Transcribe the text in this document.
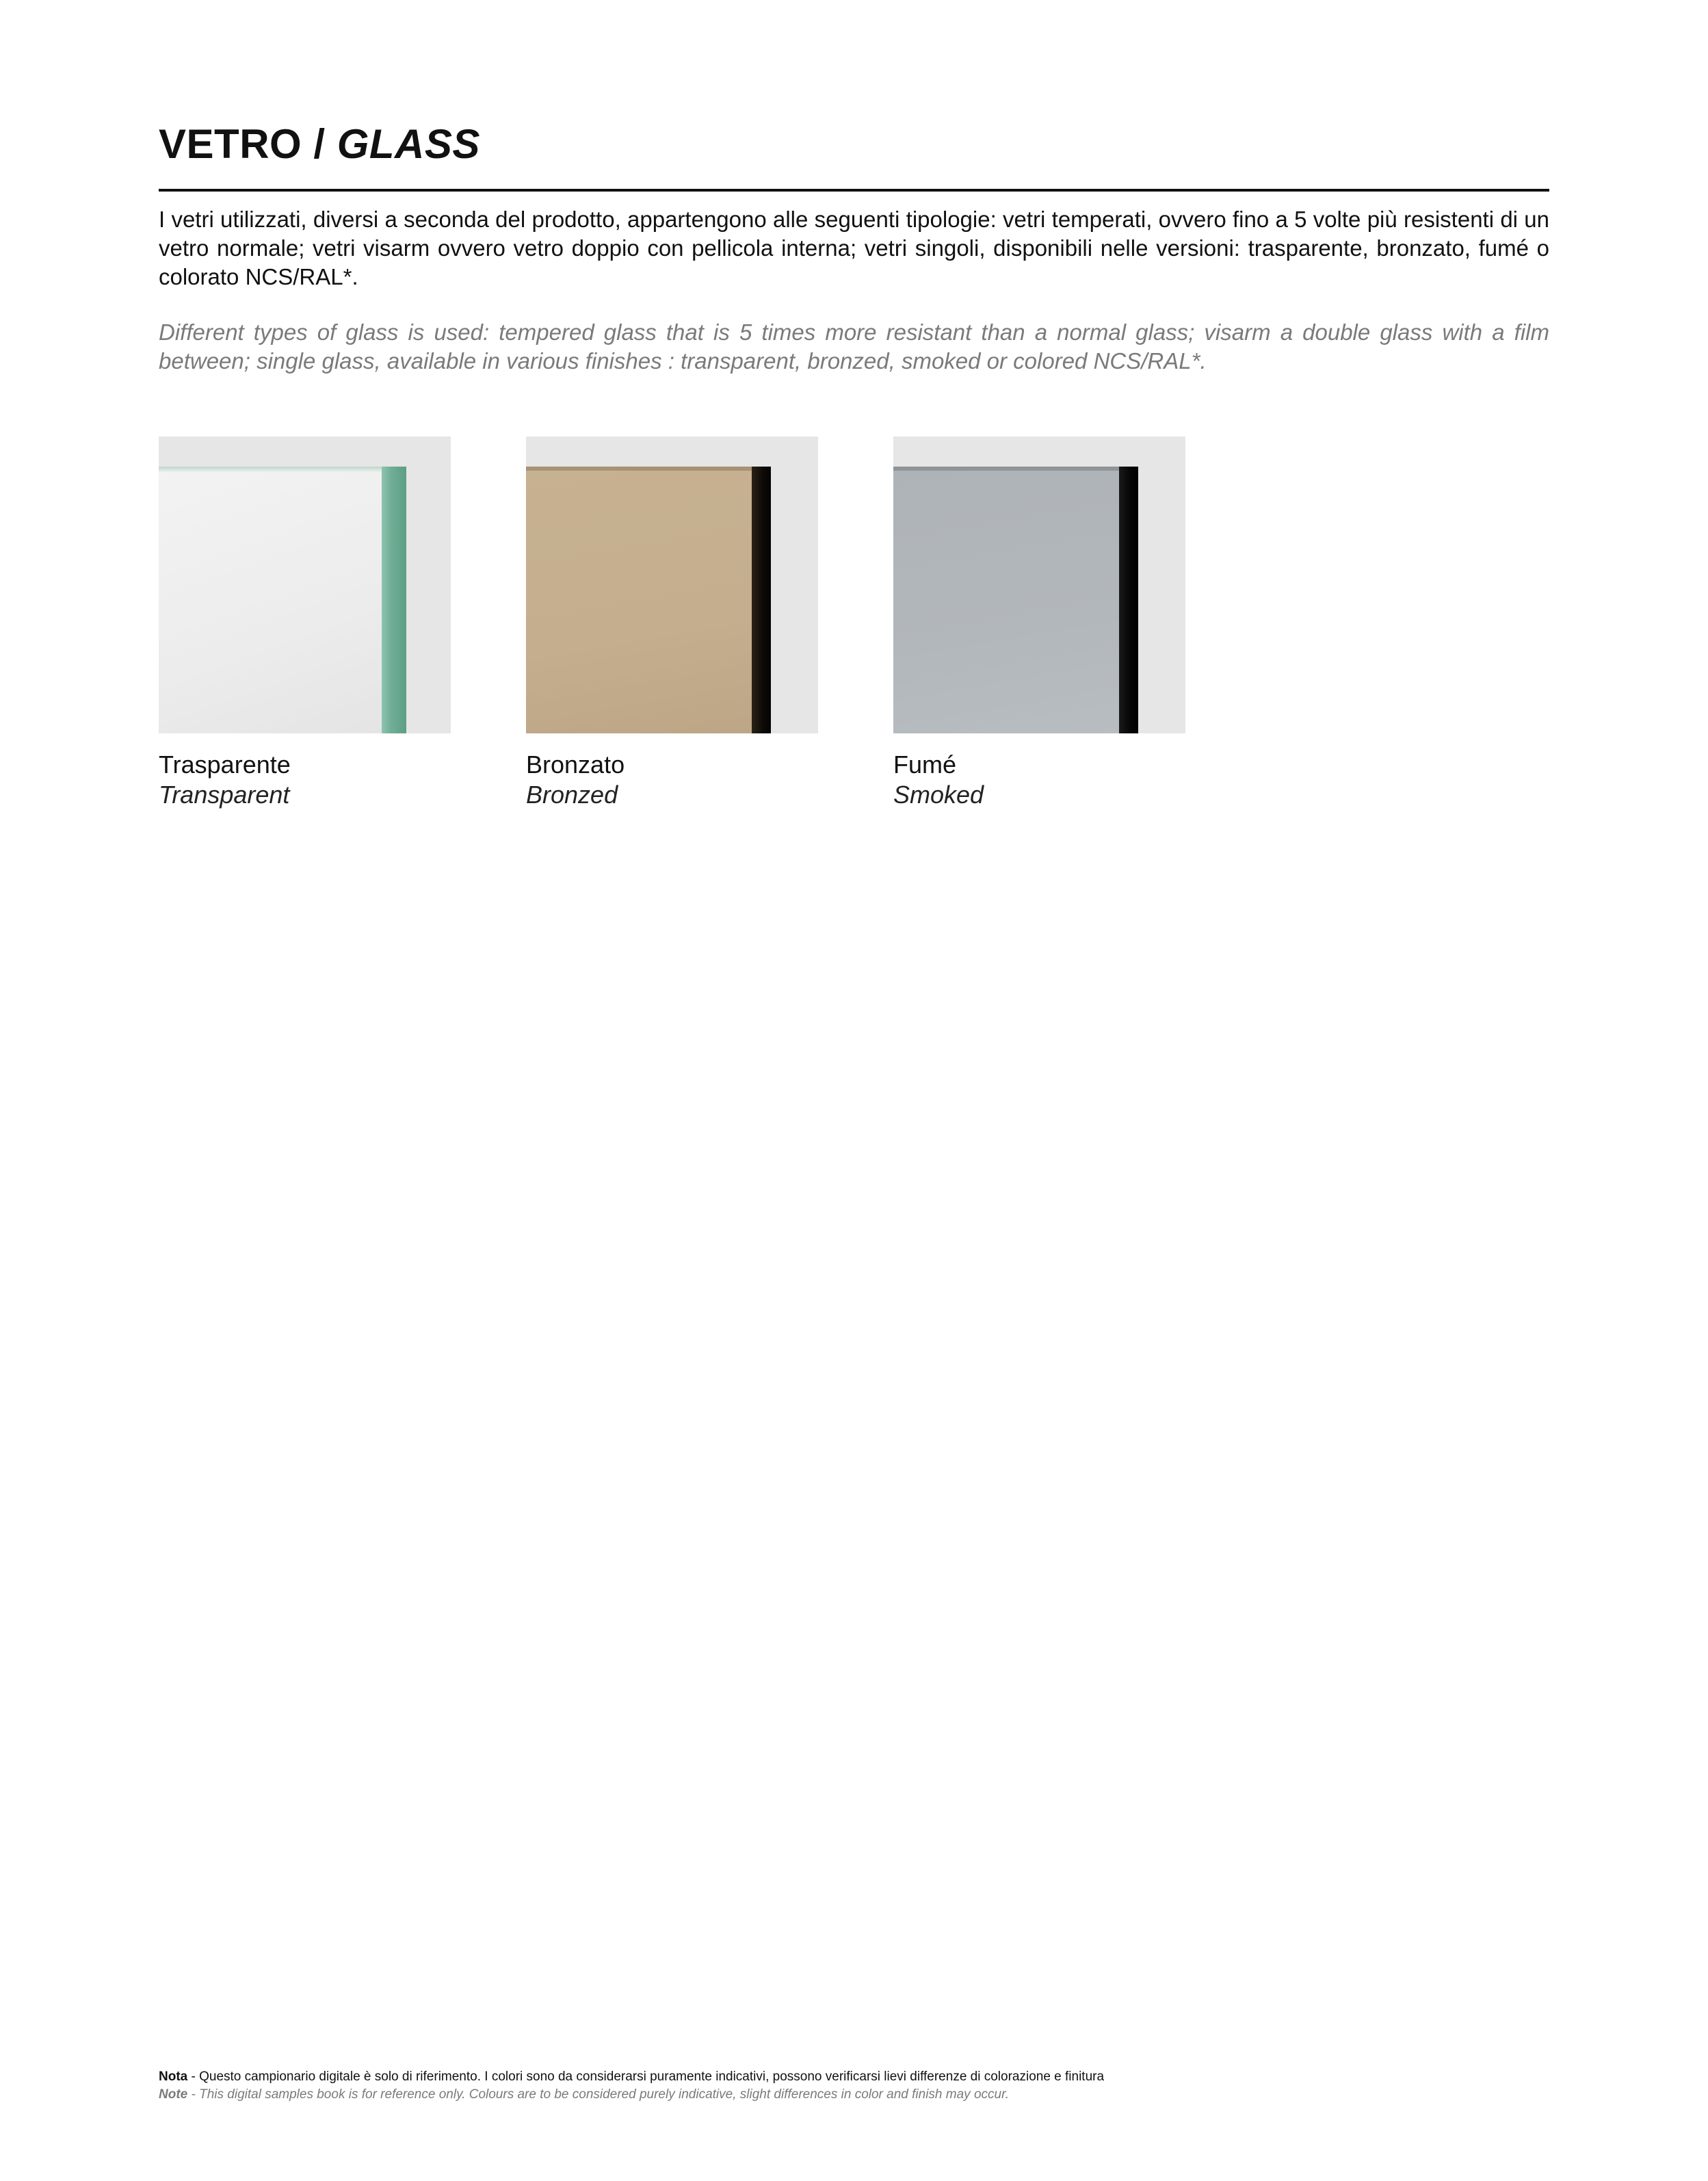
VETRO / GLASS

I vetri utilizzati, diversi a seconda del prodotto, appartengono alle seguenti tipologie: vetri temperati, ovvero fino a 5 volte più resistenti di un vetro normale; vetri visarm ovvero vetro doppio con pellicola interna; vetri singoli, disponibili nelle versioni: trasparente, bronzato, fumé o colorato NCS/RAL*.

Different types of glass is used: tempered glass that is 5 times more resistant than a normal glass; visarm a double glass with a film between; single glass, available in various finishes : transparent, bronzed, smoked or colored NCS/RAL*.

Trasparente
Transparent
Bronzato
Bronzed
Fumé
Smoked

Nota - Questo campionario digitale è solo di riferimento. I colori sono da considerarsi puramente indicativi, possono verificarsi lievi differenze di colorazione e finitura

Note - This digital samples book is for reference only. Colours are to be considered purely indicative, slight differences in color and finish may occur.
